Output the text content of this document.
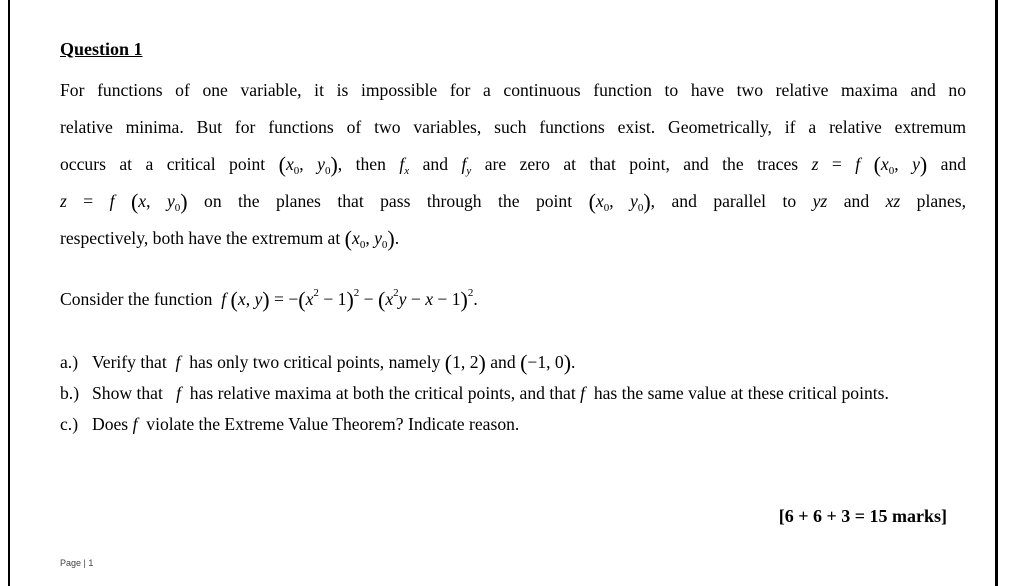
Question 1
For functions of one variable, it is impossible for a continuous function to have two relative maxima and no
relative minima. But for functions of two variables, such functions exist. Geometrically, if a relative extremum
occurs at a critical point ($x_0$, $y_0$), then $f_x$ and $f_y$ are zero at that point, and the traces z = f ($x_0$, y) and
z = f (x, $y_0$) on the planes that pass through the point ($x_0$, $y_0$), and parallel to yz and xz planes,
respectively, both have the extremum at ($x_0$, $y_0$).
Consider the function f (x, $y) = -(x^2 - 1)^2 - (x^2y - x - 1)^2$.
a.) Verify that f has only two critical points, namely (1, 2) and (−1, 0).
b.) Show that f has relative maxima at both the critical points, and that f has the same value at these critical points.
c.) Does f violate the Extreme Value Theorem? Indicate reason.
[6 + 6 + 3 = 15 marks]
Page | 1
